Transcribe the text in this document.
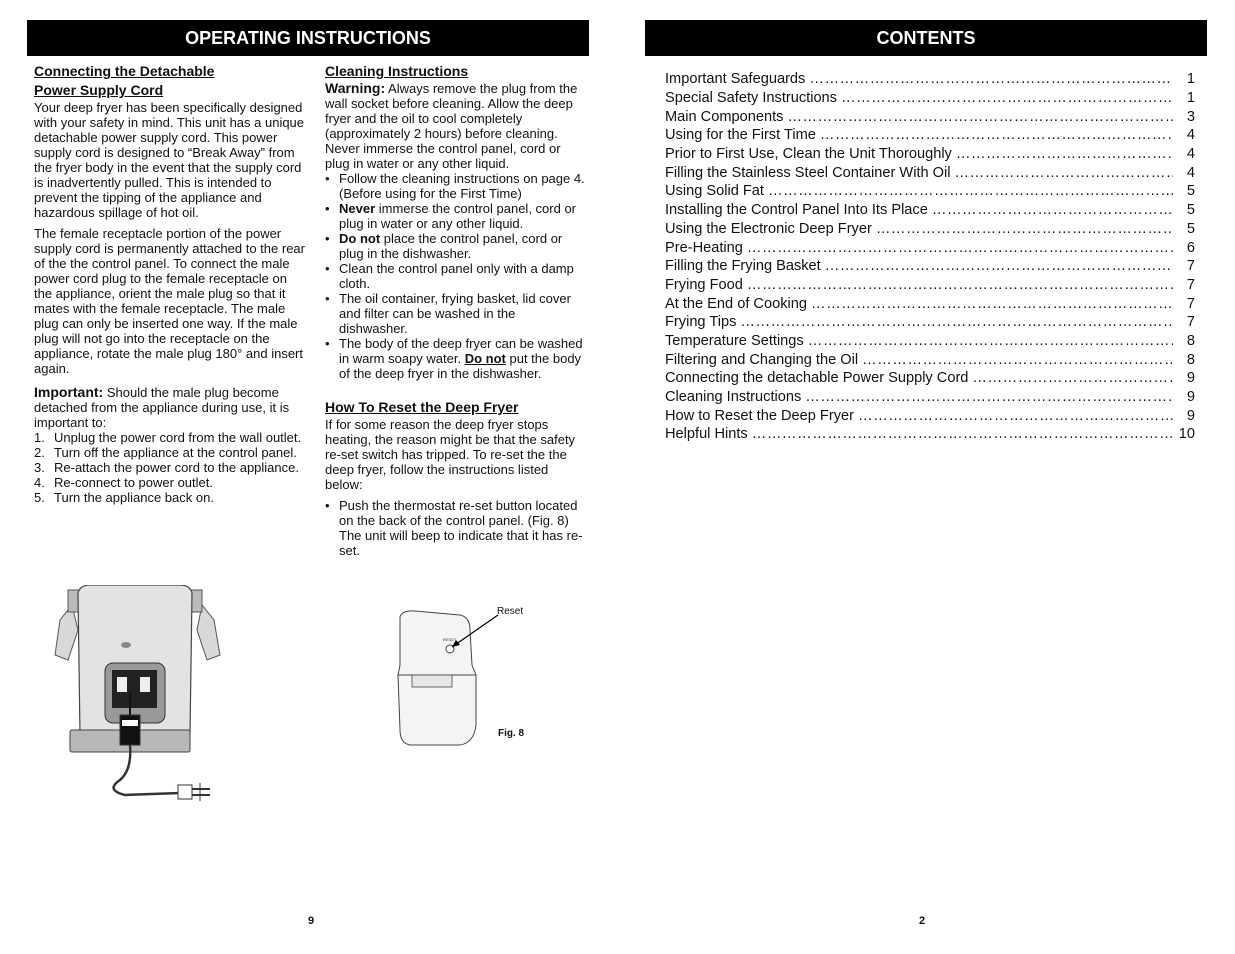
OPERATING INSTRUCTIONS	CONTENTS
Connecting the Detachable
Power Supply Cord

Your deep fryer has been specifically designed with your safety in mind. This unit has a unique detachable power supply cord. This power supply cord is designed to “Break Away” from the fryer body in the event that the supply cord is inadvertently pulled. This is intended to prevent the tipping of the appliance and hazardous spillage of hot oil.

The female receptacle portion of the power supply cord is permanently attached to the rear of the the control panel. To connect the male power cord plug to the female receptacle on the appliance, orient the male plug so that it mates with the female receptacle. The male plug can only be inserted one way. If the male plug will not go into the receptacle on the appliance, rotate the male plug 180° and insert again.

Important: Should the male plug become detached from the appliance during use, it is important to:

1. Unplug the power cord from the wall outlet.
2. Turn off the appliance at the control panel.
3. Re-attach the power cord to the appliance.
4. Re-connect to power outlet.
5. Turn the appliance back on.
Cleaning Instructions

Warning: Always remove the plug from the wall socket before cleaning. Allow the deep fryer and the oil to cool completely (approximately 2 hours) before cleaning. Never immerse the control panel, cord or plug in water or any other liquid.

• Follow the cleaning instructions on page 4. (Before using for the First Time)
• Never immerse the control panel, cord or plug in water or any other liquid.
• Do not place the control panel, cord or plug in the dishwasher.
• Clean the control panel only with a damp cloth.
• The oil container, frying basket, lid cover and filter can be washed in the dishwasher.
• The body of the deep fryer can be washed in warm soapy water. Do not put the body of the deep fryer in the dishwasher.
How To Reset the Deep Fryer

If for some reason the deep fryer stops heating, the reason might be that the safety re-set switch has tripped. To re-set the the deep fryer, follow the instructions listed below:

• Push the thermostat re-set button located on the back of the control panel. (Fig. 8) The unit will beep to indicate that it has re-set.
RESET
Reset
Fig. 8
9
Important Safeguards ……………………………………………………………………………………………………………………………………	1
Special Safety Instructions ……………………………………………………………………………………………………………………………………	1
Main Components ……………………………………………………………………………………………………………………………………	3
Using for the First Time ……………………………………………………………………………………………………………………………………	4
Prior to First Use, Clean the Unit Thoroughly ……………………………………………………………………………………………………………………………………	4
Filling the Stainless Steel Container With Oil ……………………………………………………………………………………………………………………………………	4
Using Solid Fat ……………………………………………………………………………………………………………………………………	5
Installing the Control Panel Into Its Place ……………………………………………………………………………………………………………………………………	5
Using the Electronic Deep Fryer ……………………………………………………………………………………………………………………………………	5
Pre-Heating ……………………………………………………………………………………………………………………………………	6
Filling the Frying Basket ……………………………………………………………………………………………………………………………………	7
Frying Food ……………………………………………………………………………………………………………………………………	7
At the End of Cooking ……………………………………………………………………………………………………………………………………	7
Frying Tips ……………………………………………………………………………………………………………………………………	7
Temperature Settings ……………………………………………………………………………………………………………………………………	8
Filtering and Changing the Oil ……………………………………………………………………………………………………………………………………	8
Connecting the detachable Power Supply Cord ……………………………………………………………………………………………………………………………………	9
Cleaning Instructions ……………………………………………………………………………………………………………………………………	9
How to Reset the Deep Fryer ……………………………………………………………………………………………………………………………………	9
Helpful Hints ……………………………………………………………………………………………………………………………………	10
2
